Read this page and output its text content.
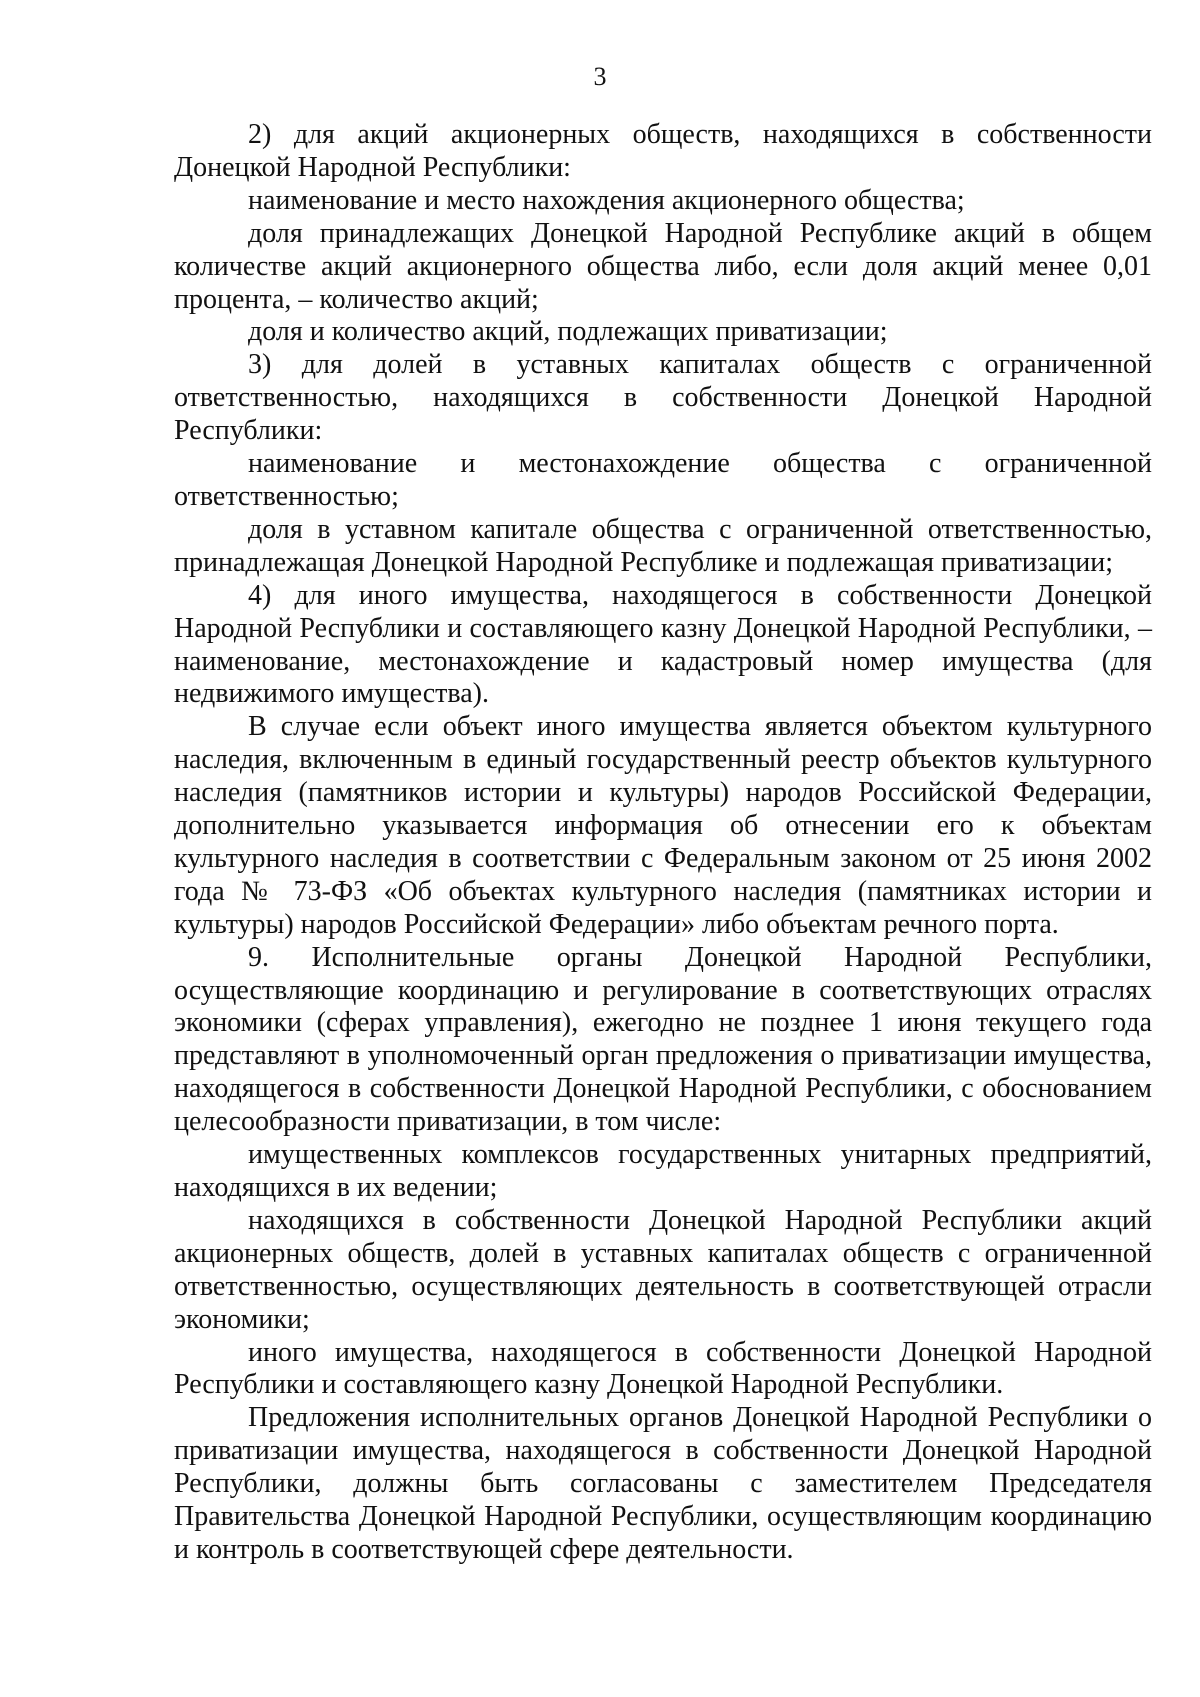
3

2) для акций акционерных обществ, находящихся в собственности Донецкой Народной Республики:

наименование и место нахождения акционерного общества;

доля принадлежащих Донецкой Народной Республике акций в общем количестве акций акционерного общества либо, если доля акций менее 0,01 процента, – количество акций;

доля и количество акций, подлежащих приватизации;

3) для долей в уставных капиталах обществ с ограниченной ответственностью, находящихся в собственности Донецкой Народной Республики:

наименование и местонахождение общества с ограниченной ответственностью;

доля в уставном капитале общества с ограниченной ответственностью, принадлежащая Донецкой Народной Республике и подлежащая приватизации;

4) для иного имущества, находящегося в собственности Донецкой Народной Республики и составляющего казну Донецкой Народной Республики, – наименование, местонахождение и кадастровый номер имущества (для недвижимого имущества).

В случае если объект иного имущества является объектом культурного наследия, включенным в единый государственный реестр объектов культурного наследия (памятников истории и культуры) народов Российской Федерации, дополнительно указывается информация об отнесении его к объектам культурного наследия в соответствии с Федеральным законом от 25 июня 2002 года № 73-ФЗ «Об объектах культурного наследия (памятниках истории и культуры) народов Российской Федерации» либо объектам речного порта.

9. Исполнительные органы Донецкой Народной Республики, осуществляющие координацию и регулирование в соответствующих отраслях экономики (сферах управления), ежегодно не позднее 1 июня текущего года представляют в уполномоченный орган предложения о приватизации имущества, находящегося в собственности Донецкой Народной Республики, с обоснованием целесообразности приватизации, в том числе:

имущественных комплексов государственных унитарных предприятий, находящихся в их ведении;

находящихся в собственности Донецкой Народной Республики акций акционерных обществ, долей в уставных капиталах обществ с ограниченной ответственностью, осуществляющих деятельность в соответствующей отрасли экономики;

иного имущества, находящегося в собственности Донецкой Народной Республики и составляющего казну Донецкой Народной Республики.

Предложения исполнительных органов Донецкой Народной Республики о приватизации имущества, находящегося в собственности Донецкой Народной Республики, должны быть согласованы с заместителем Председателя Правительства Донецкой Народной Республики, осуществляющим координацию и контроль в соответствующей сфере деятельности.
